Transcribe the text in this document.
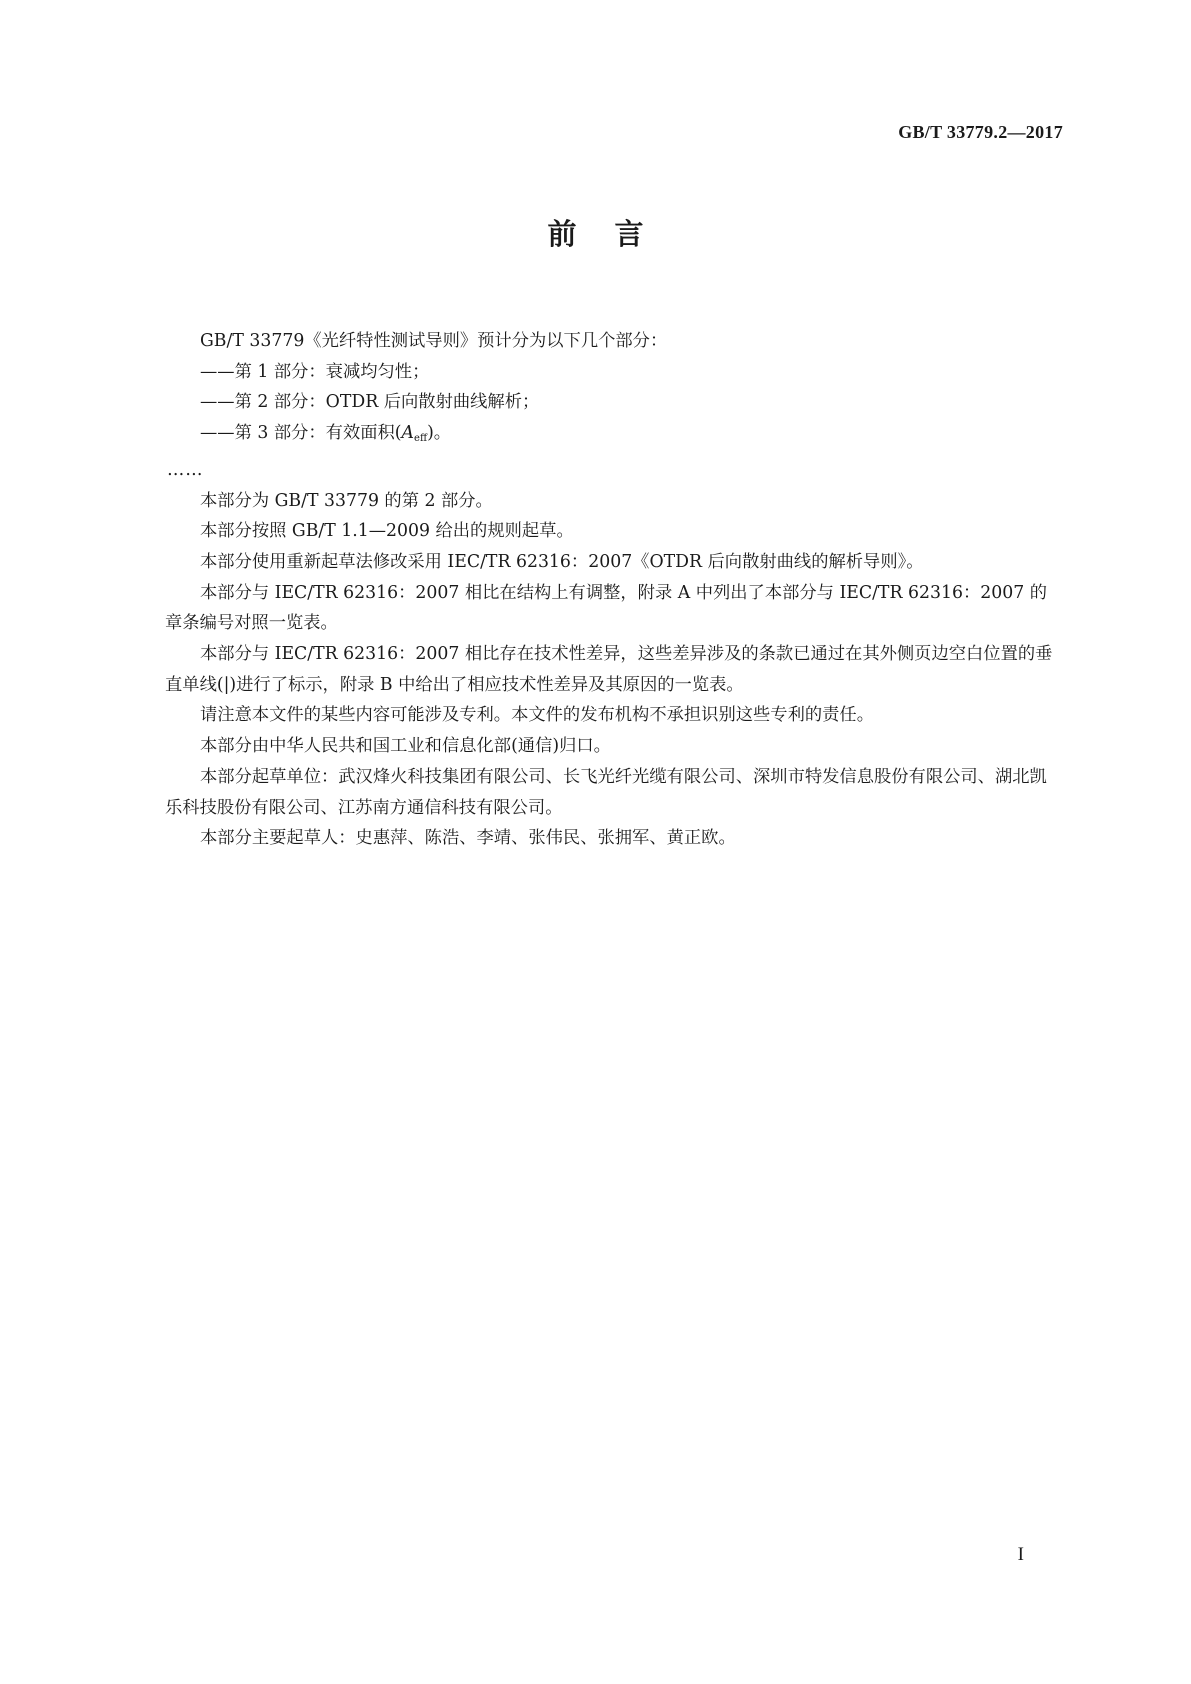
GB/T 33779.2—2017
前言

GB/T 33779《光纤特性测试导则》预计分为以下几个部分：

——第 1 部分：衰减均匀性；

——第 2 部分：OTDR 后向散射曲线解析；

——第 3 部分：有效面积$(A_{eff})$。

……

本部分为 GB/T 33779 的第 2 部分。

本部分按照 GB/T 1.1—2009 给出的规则起草。

本部分使用重新起草法修改采用 IEC/TR 62316：2007《OTDR 后向散射曲线的解析导则》。

本部分与 IEC/TR 62316：2007 相比在结构上有调整，附录 A 中列出了本部分与 IEC/TR 62316：2007 的章条编号对照一览表。

本部分与 IEC/TR 62316：2007 相比存在技术性差异，这些差异涉及的条款已通过在其外侧页边空白位置的垂直单线(|)进行了标示，附录 B 中给出了相应技术性差异及其原因的一览表。

请注意本文件的某些内容可能涉及专利。本文件的发布机构不承担识别这些专利的责任。

本部分由中华人民共和国工业和信息化部(通信)归口。

本部分起草单位：武汉烽火科技集团有限公司、长飞光纤光缆有限公司、深圳市特发信息股份有限公司、湖北凯乐科技股份有限公司、江苏南方通信科技有限公司。

本部分主要起草人：史惠萍、陈浩、李靖、张伟民、张拥军、黄正欧。

I
